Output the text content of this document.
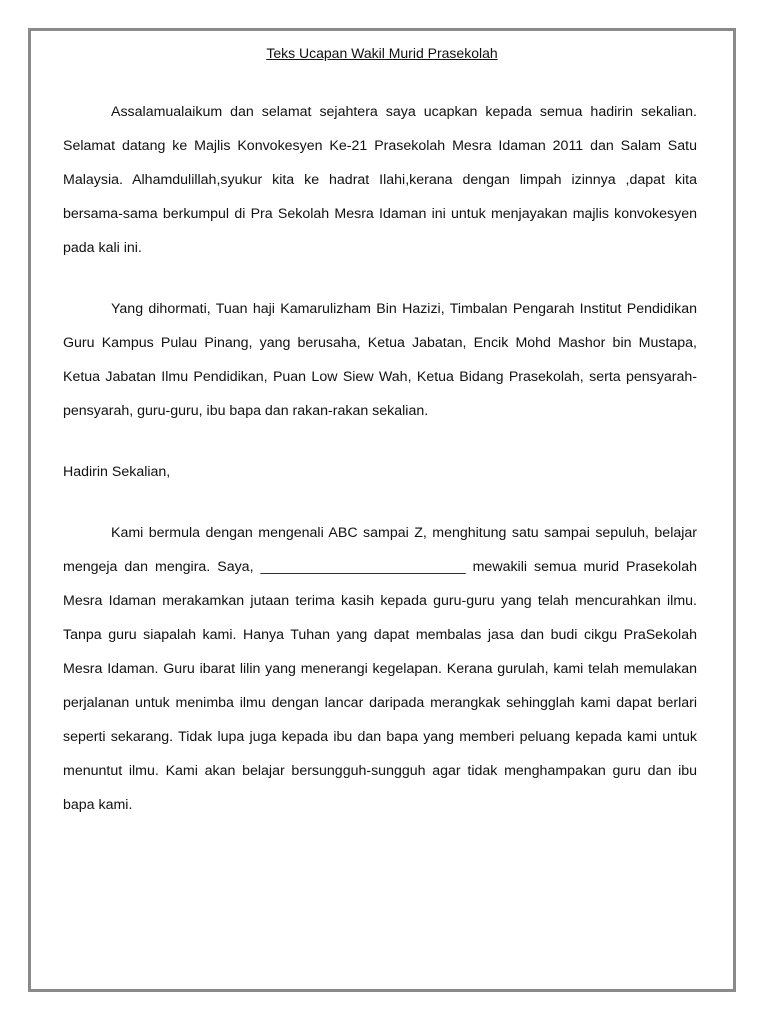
Teks Ucapan Wakil Murid Prasekolah

Assalamualaikum dan selamat sejahtera saya ucapkan kepada semua hadirin sekalian. Selamat datang ke Majlis Konvokesyen Ke-21 Prasekolah Mesra Idaman 2011 dan Salam Satu Malaysia. Alhamdulillah,syukur kita ke hadrat Ilahi,kerana dengan limpah izinnya ,dapat kita bersama-sama berkumpul di Pra Sekolah Mesra Idaman ini untuk menjayakan majlis konvokesyen pada kali ini.

Yang dihormati, Tuan haji Kamarulizham Bin Hazizi, Timbalan Pengarah Institut Pendidikan Guru Kampus Pulau Pinang, yang berusaha, Ketua Jabatan, Encik Mohd Mashor bin Mustapa, Ketua Jabatan Ilmu Pendidikan, Puan Low Siew Wah, Ketua Bidang Prasekolah, serta pensyarah-pensyarah, guru-guru, ibu bapa dan rakan-rakan sekalian.

Hadirin Sekalian,

Kami bermula dengan mengenali ABC sampai Z, menghitung satu sampai sepuluh, belajar mengeja dan mengira. Saya, __________________________ mewakili semua murid Prasekolah Mesra Idaman merakamkan jutaan terima kasih kepada guru-guru yang telah mencurahkan ilmu. Tanpa guru siapalah kami. Hanya Tuhan yang dapat membalas jasa dan budi cikgu PraSekolah Mesra Idaman. Guru ibarat lilin yang menerangi kegelapan. Kerana gurulah, kami telah memulakan perjalanan untuk menimba ilmu dengan lancar daripada merangkak sehingglah kami dapat berlari seperti sekarang. Tidak lupa juga kepada ibu dan bapa yang memberi peluang kepada kami untuk menuntut ilmu. Kami akan belajar bersungguh-sungguh agar tidak menghampakan guru dan ibu bapa kami.
